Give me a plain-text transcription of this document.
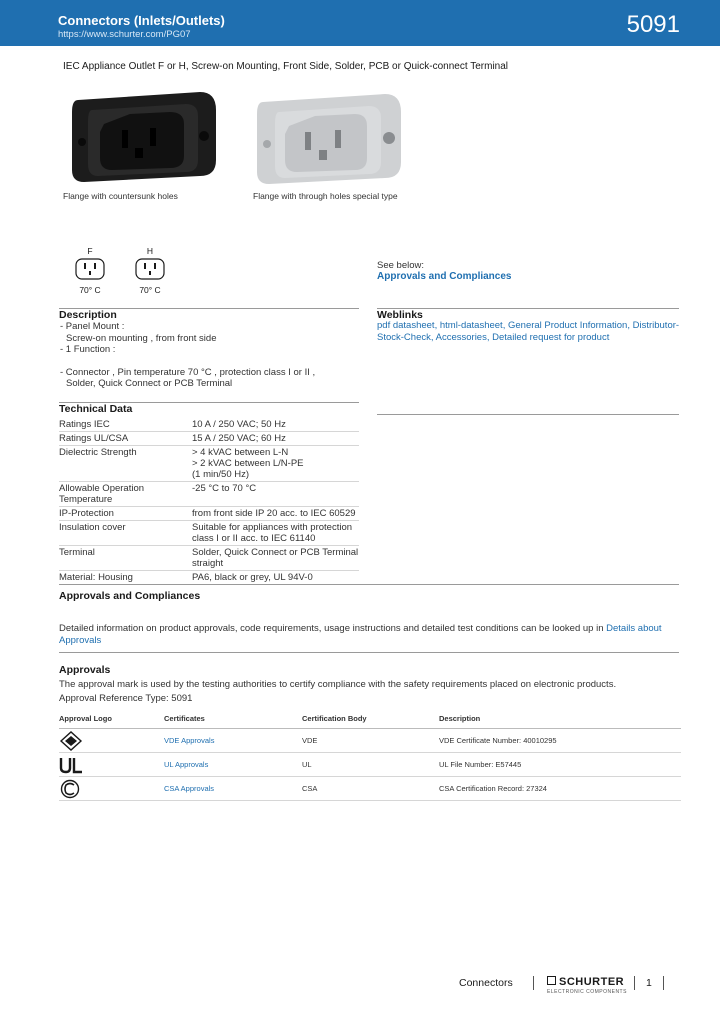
Connectors (Inlets/Outlets)
https://www.schurter.com/PG07	5091
IEC Appliance Outlet F or H, Screw-on Mounting, Front Side, Solder, PCB or Quick-connect Terminal
Flange with countersunk holes	Flange with through holes special type
F
70° C
H
70° C
See below:
Approvals and Compliances
Description
- Panel Mount :
Screw-on mounting , from front side
- 1 Function :
- Connector , Pin temperature 70 °C , protection class I or II ,
Solder, Quick Connect or PCB Terminal
Weblinks
pdf datasheet, html-datasheet, General Product Information, Distributor-Stock-Check, Accessories, Detailed request for product
Technical Data
Ratings IEC	10 A / 250 VAC; 50 Hz
Ratings UL/CSA	15 A / 250 VAC; 60 Hz
Dielectric Strength	> 4 kVAC between L-N
> 2 kVAC between L/N-PE
(1 min/50 Hz)
Allowable Operation Temperature	-25 °C to 70 °C
IP-Protection	from front side IP 20 acc. to IEC 60529
Insulation cover	Suitable for appliances with protection class I or II acc. to IEC 61140
Terminal	Solder, Quick Connect or PCB Terminal straight
Material: Housing	PA6, black or grey, UL 94V-0
Approvals and Compliances
Detailed information on product approvals, code requirements, usage instructions and detailed test conditions can be looked up in Details about Approvals
Approvals
The approval mark is used by the testing authorities to certify compliance with the safety requirements placed on electronic products.
Approval Reference Type: 5091
Approval Logo	Certificates	Certification Body	Description
	VDE Approvals	VDE	VDE Certificate Number: 40010295
	UL Approvals	UL	UL File Number: E57445
	CSA Approvals	CSA	CSA Certification Record: 27324
Connectors	SCHURTER
ELECTRONIC COMPONENTS
1
